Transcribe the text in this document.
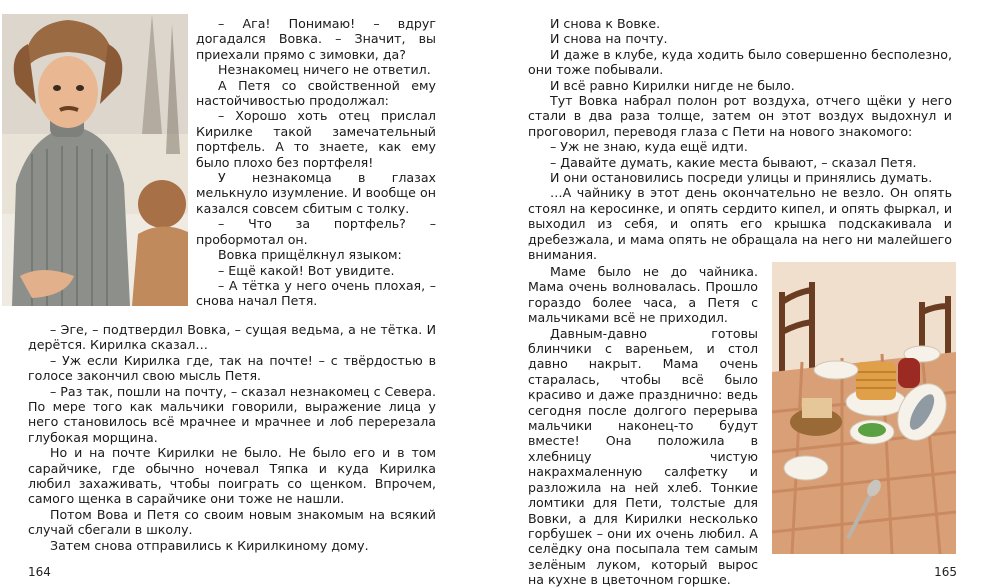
– Ага! Понимаю! – вдруг догадался Вовка. – Значит, вы приехали прямо с зимовки, да?

Незнакомец ничего не ответил.

А Петя со свойственной ему настойчивостью продолжал:

– Хорошо хоть отец прислал Кирилке такой замечательный портфель. А то знаете, как ему было плохо без портфеля!

У незнакомца в глазах мелькнуло изумление. И вообще он казался совсем сбитым с толку.

– Что за портфель? – пробормотал он.

Вовка прищёлкнул языком:

– Ещё какой! Вот увидите.

– А тётка у него очень плохая, – снова начал Петя.

– Эге, – подтвердил Вовка, – сущая ведьма, а не тётка. И дерётся. Кирилка сказал…

– Уж если Кирилка где, так на почте! – с твёрдостью в голосе закончил свою мысль Петя.

– Раз так, пошли на почту, – сказал незнакомец с Севера. По мере того как мальчики говорили, выражение лица у него становилось всё мрачнее и мрачнее и лоб перерезала глубокая морщина.

Но и на почте Кирилки не было. Не было его и в том сарайчике, где обычно ночевал Тяпка и куда Кирилка любил захаживать, чтобы поиграть со щенком. Впрочем, самого щенка в сарайчике они тоже не нашли.

Потом Вова и Петя со своим новым знакомым на всякий случай сбегали в школу.

Затем снова отправились к Кирилкиному дому.

164

И снова к Вовке.

И снова на почту.

И даже в клубе, куда ходить было совершенно бесполезно, они тоже побывали.

И всё равно Кирилки нигде не было.

Тут Вовка набрал полон рот воздуха, отчего щёки у него стали в два раза толще, затем он этот воздух выдохнул и проговорил, переводя глаза с Пети на нового знакомого:

– Уж не знаю, куда ещё идти.

– Давайте думать, какие места бывают, – сказал Петя.

И они остановились посреди улицы и принялись думать.

…А чайнику в этот день окончательно не везло. Он опять стоял на керосинке, и опять сердито кипел, и опять фыркал, и выходил из себя, и опять его крышка подскакивала и дребезжала, и мама опять не обращала на него ни малейшего внимания.

Маме было не до чайника. Мама очень волновалась. Прошло гораздо более часа, а Петя с мальчиками всё не приходил.

Давным-давно готовы блинчики с вареньем, и стол давно накрыт. Мама очень старалась, чтобы всё было красиво и даже празднично: ведь сегодня после долгого перерыва мальчики наконец-то будут вместе! Она положила в хлебницу чистую накрахмаленную салфетку и разложила на ней хлеб. Тонкие ломтики для Пети, толстые для Вовки, а для Кирилки несколько горбушек – они их очень любил. А селёдку она посыпала тем самым зелёным луком, который вырос на кухне в цветочном горшке.

165
